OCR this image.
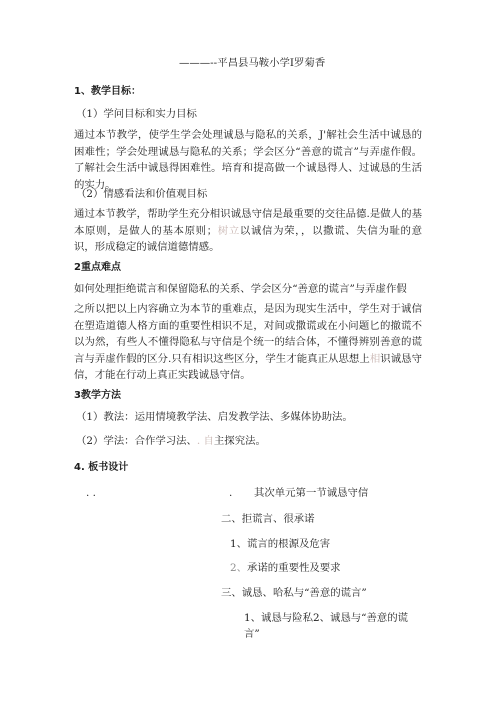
———--平昌县马鞍小学I罗菊香
1、教学目标：
（1）学问目标和实力目标
通过本节教学，使学生学会处理诚恳与隐私的关系，J'解社会生活中诚恳的困难性；学会处理诚恳与隐私的关系；学会区分“善意的谎言”与弄虚作假。了解社会生活中诚恳得困难性。培育和提高做一个诚恳得人、过诚恳的生活的实力。
（2）情感看法和价值观目标
通过本节教学，帮助学生充分相识诚恳守信是最重要的交往品德.是做人的基本原则，是做人的基本原则；树立以诚信为荣，，以撒谎、失信为耻的意识，形成稳定的诚信道德情感。
2重点难点
如何处理拒绝谎言和保留隐私的关系、学会区分“善意的谎言”与弄虚作假
之所以把以上内容确立为本节的重难点，是因为现实生活中，学生对于诚信在塑造道德人格方面的重要性相识不足，对间或撒谎或在小问题匕的撤谎不以为然，有些人不懂得隐私与守信是个统一的结合体，不懂得辨别善意的谎言与弄虚作假的区分.只有相识这些区分，学生才能真正从思想上相识诚恳守信，才能在行动上真正实践诚恳守信。
3教学方法
（1）教法：运用情境教学法、启发教学法、多媒体协助法。
（2）学法：合作学习法、. 自主探究法。
4. 板书设计
. .	. 其次单元第一节诚恳守信
二、拒谎言、很承诺
1、谎言的根源及危害
2、承诺的重要性及要求
三、诚恳、哈私与“善意的谎言”
1、诚恳与险私2、诚恳与“善意的谎
言”
